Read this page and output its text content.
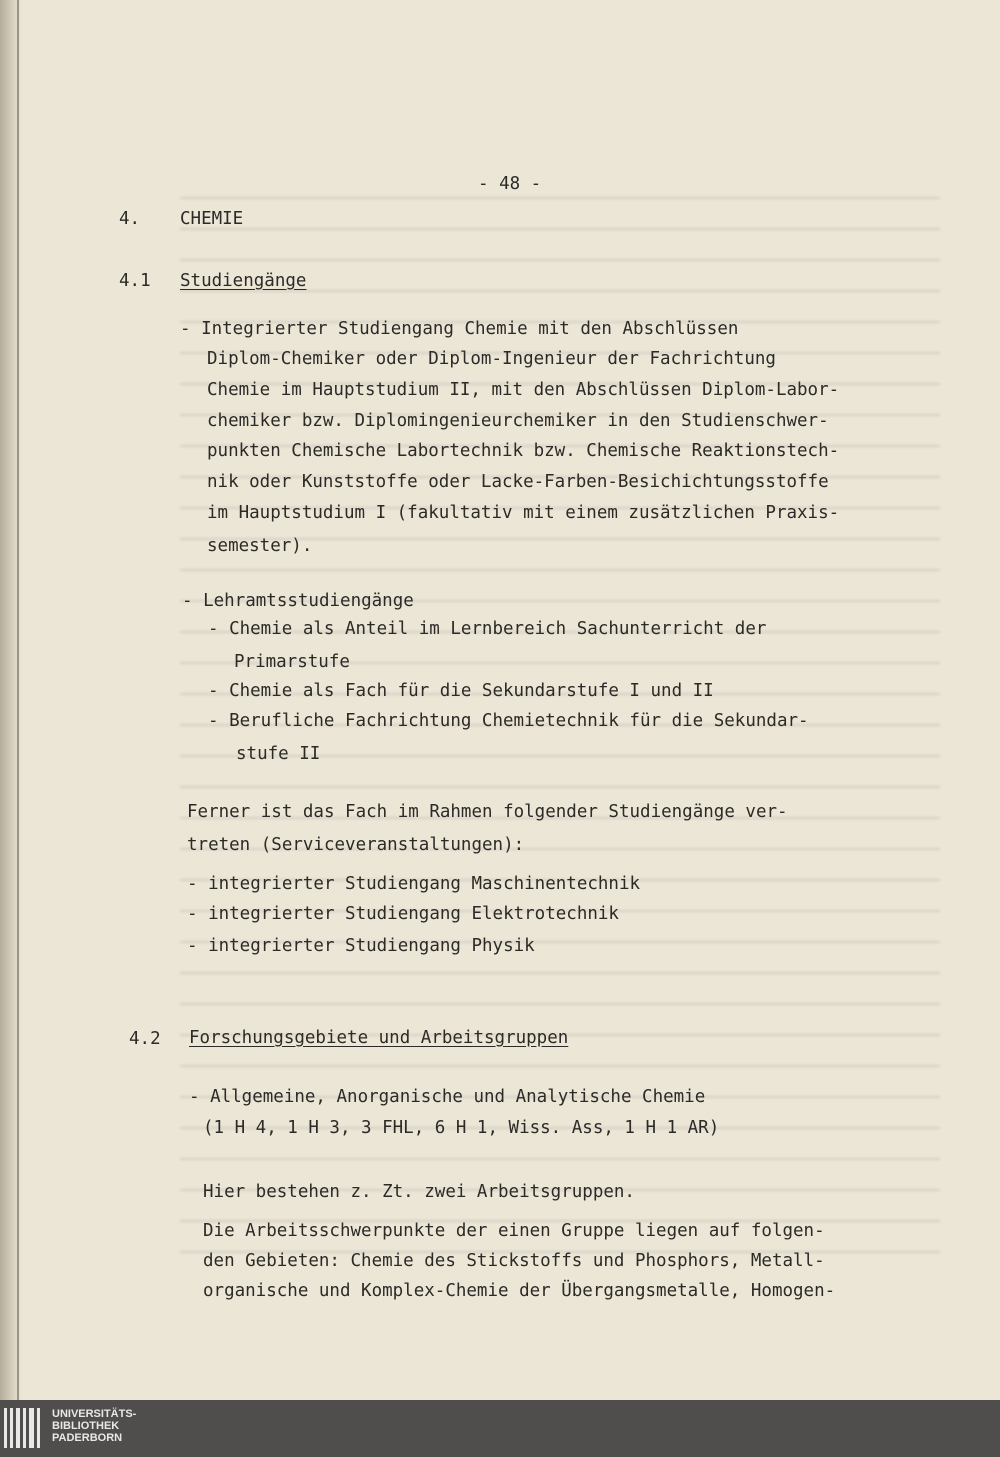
- 48 -
4. CHEMIE
4.1 Studiengänge
- Integrierter Studiengang Chemie mit den Abschlüssen
Diplom-Chemiker oder Diplom-Ingenieur der Fachrichtung
Chemie im Hauptstudium II, mit den Abschlüssen Diplom-Labor-
chemiker bzw. Diplomingenieurchemiker in den Studienschwer-
punkten Chemische Labortechnik bzw. Chemische Reaktionstech-
nik oder Kunststoffe oder Lacke-Farben-Besichichtungsstoffe
im Hauptstudium I (fakultativ mit einem zusätzlichen Praxis-
semester).
- Lehramtsstudiengänge
- Chemie als Anteil im Lernbereich Sachunterricht der
Primarstufe
- Chemie als Fach für die Sekundarstufe I und II
- Berufliche Fachrichtung Chemietechnik für die Sekundar-
stufe II
Ferner ist das Fach im Rahmen folgender Studiengänge ver-
treten (Serviceveranstaltungen):
- integrierter Studiengang Maschinentechnik
- integrierter Studiengang Elektrotechnik
- integrierter Studiengang Physik
4.2 Forschungsgebiete und Arbeitsgruppen
- Allgemeine, Anorganische und Analytische Chemie
(1 H 4, 1 H 3, 3 FHL, 6 H 1, Wiss. Ass, 1 H 1 AR)
Hier bestehen z. Zt. zwei Arbeitsgruppen.
Die Arbeitsschwerpunkte der einen Gruppe liegen auf folgen-
den Gebieten: Chemie des Stickstoffs und Phosphors, Metall-
organische und Komplex-Chemie der Übergangsmetalle, Homogen-
UNIVERSITÄTS-
BIBLIOTHEK
PADERBORN
